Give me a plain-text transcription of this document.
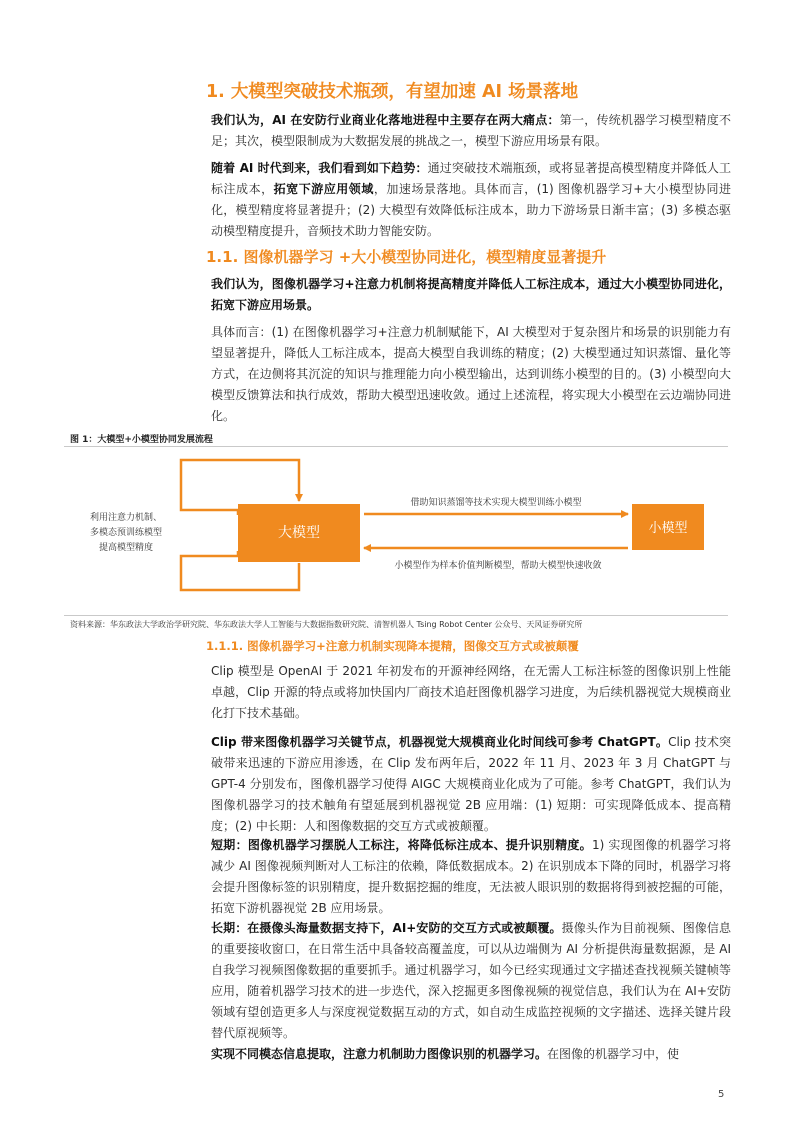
1. 大模型突破技术瓶颈，有望加速 AI 场景落地
我们认为，AI 在安防行业商业化落地进程中主要存在两大痛点：第一，传统机器学习模型精度不足；其次，模型限制成为大数据发展的挑战之一，模型下游应用场景有限。
随着 AI 时代到来，我们看到如下趋势：通过突破技术端瓶颈，或将显著提高模型精度并降低人工标注成本，拓宽下游应用领域，加速场景落地。具体而言，(1) 图像机器学习+大小模型协同进化，模型精度将显著提升；(2) 大模型有效降低标注成本，助力下游场景日渐丰富；(3) 多模态驱动模型精度提升，音频技术助力智能安防。
1.1. 图像机器学习 +大小模型协同进化，模型精度显著提升
我们认为，图像机器学习+注意力机制将提高精度并降低人工标注成本，通过大小模型协同进化，拓宽下游应用场景。
具体而言：(1) 在图像机器学习+注意力机制赋能下，AI 大模型对于复杂图片和场景的识别能力有望显著提升，降低人工标注成本，提高大模型自我训练的精度；(2) 大模型通过知识蒸馏、量化等方式，在边侧将其沉淀的知识与推理能力向小模型输出，达到训练小模型的目的。(3) 小模型向大模型反馈算法和执行成效，帮助大模型迅速收敛。通过上述流程，将实现大小模型在云边端协同进化。
图 1：大模型+小模型协同发展流程
大模型	小模型
借助知识蒸馏等技术实现大模型训练小模型
小模型作为样本价值判断模型，帮助大模型快速收敛
利用注意力机制、
多模态预训练模型
提高模型精度
资料来源：华东政法大学政治学研究院、华东政法大学人工智能与大数据指数研究院、清智机器人 Tsing Robot Center 公众号、天风证券研究所
1.1.1. 图像机器学习+注意力机制实现降本提精，图像交互方式或被颠覆
Clip 模型是 OpenAI 于 2021 年初发布的开源神经网络，在无需人工标注标签的图像识别上性能卓越，Clip 开源的特点或将加快国内厂商技术追赶图像机器学习进度，为后续机器视觉大规模商业化打下技术基础。
Clip 带来图像机器学习关键节点，机器视觉大规模商业化时间线可参考 ChatGPT。Clip 技术突破带来迅速的下游应用渗透，在 Clip 发布两年后，2022 年 11 月、2023 年 3 月 ChatGPT 与 GPT-4 分别发布，图像机器学习使得 AIGC 大规模商业化成为了可能。参考 ChatGPT，我们认为图像机器学习的技术触角有望延展到机器视觉 2B 应用端：(1) 短期：可实现降低成本、提高精度；(2) 中长期：人和图像数据的交互方式或被颠覆。
短期：图像机器学习摆脱人工标注，将降低标注成本、提升识别精度。1) 实现图像的机器学习将减少 AI 图像视频判断对人工标注的依赖，降低数据成本。2) 在识别成本下降的同时，机器学习将会提升图像标签的识别精度，提升数据挖掘的维度，无法被人眼识别的数据将得到被挖掘的可能，拓宽下游机器视觉 2B 应用场景。
长期：在摄像头海量数据支持下，AI+安防的交互方式或被颠覆。摄像头作为目前视频、图像信息的重要接收窗口，在日常生活中具备较高覆盖度，可以从边端侧为 AI 分析提供海量数据源，是 AI 自我学习视频图像数据的重要抓手。通过机器学习，如今已经实现通过文字描述查找视频关键帧等应用，随着机器学习技术的进一步迭代，深入挖掘更多图像视频的视觉信息，我们认为在 AI+安防领域有望创造更多人与深度视觉数据互动的方式，如自动生成监控视频的文字描述、选择关键片段替代原视频等。
实现不同模态信息提取，注意力机制助力图像识别的机器学习。在图像的机器学习中，使
5
